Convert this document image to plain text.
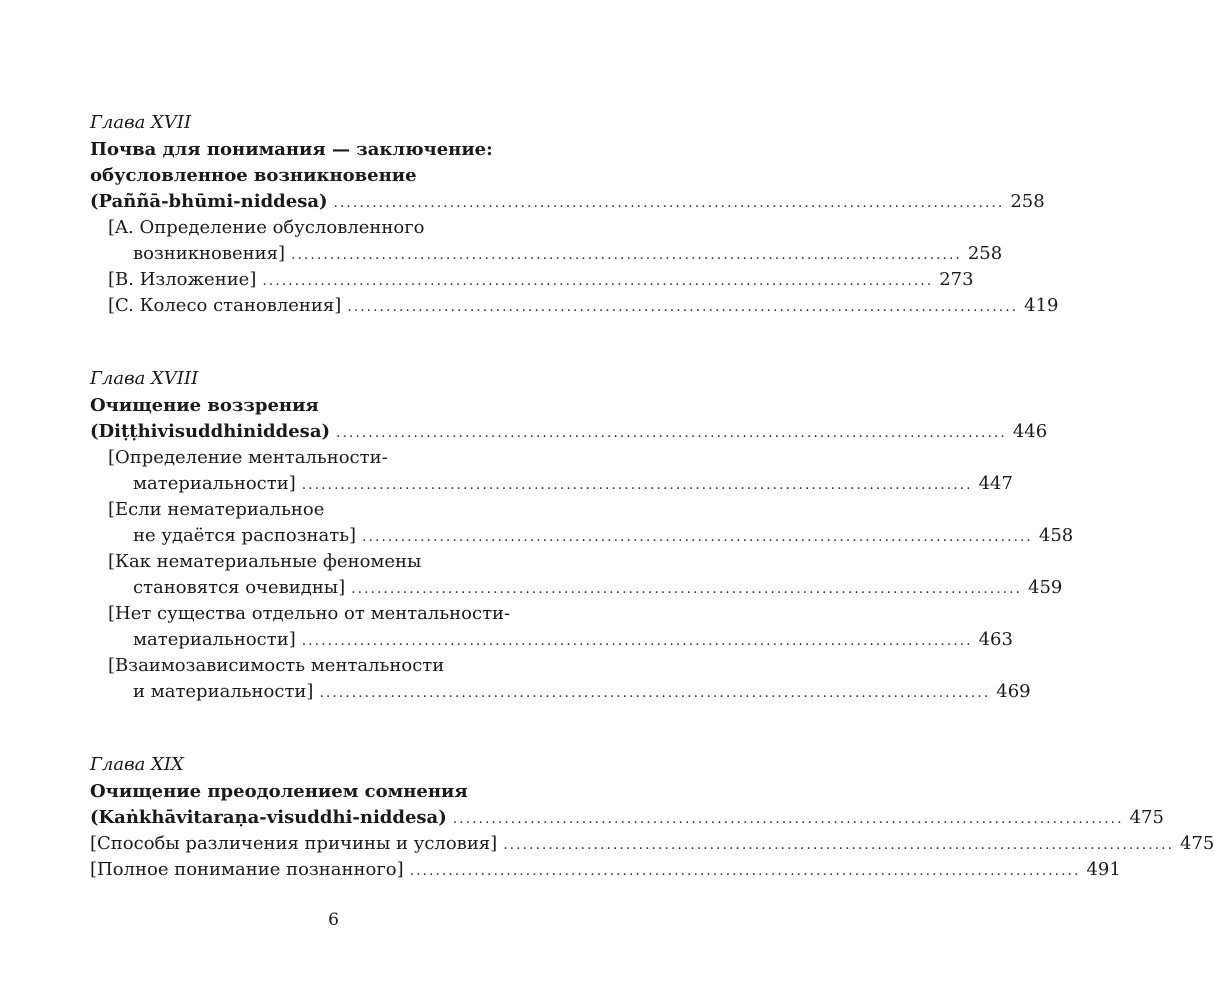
Глава XVII
Почва для понимания — заключение:
обусловленное возникновение
(Paññā-bhūmi-niddesa) ........................................................................................................ 258
[A. Определение обусловленного
возникновения] ........................................................................................................ 258
[B. Изложение] ........................................................................................................ 273
[C. Колесо становления] ........................................................................................................ 419
Глава XVIII
Очищение воззрения
(Diṭṭhivisuddhiniddesa) ........................................................................................................ 446
[Определение ментальности-
материальности] ........................................................................................................ 447
[Если нематериальное
не удаётся распознать] ........................................................................................................ 458
[Как нематериальные феномены
становятся очевидны] ........................................................................................................ 459
[Нет существа отдельно от ментальности-
материальности] ........................................................................................................ 463
[Взаимозависимость ментальности
и материальности] ........................................................................................................ 469
Глава XIX
Очищение преодолением сомнения
(Kaṅkhāvitaraṇa-visuddhi-niddesa) ........................................................................................................ 475
[Способы различения причины и условия] ........................................................................................................ 475
[Полное понимание познанного] ........................................................................................................ 491
6
